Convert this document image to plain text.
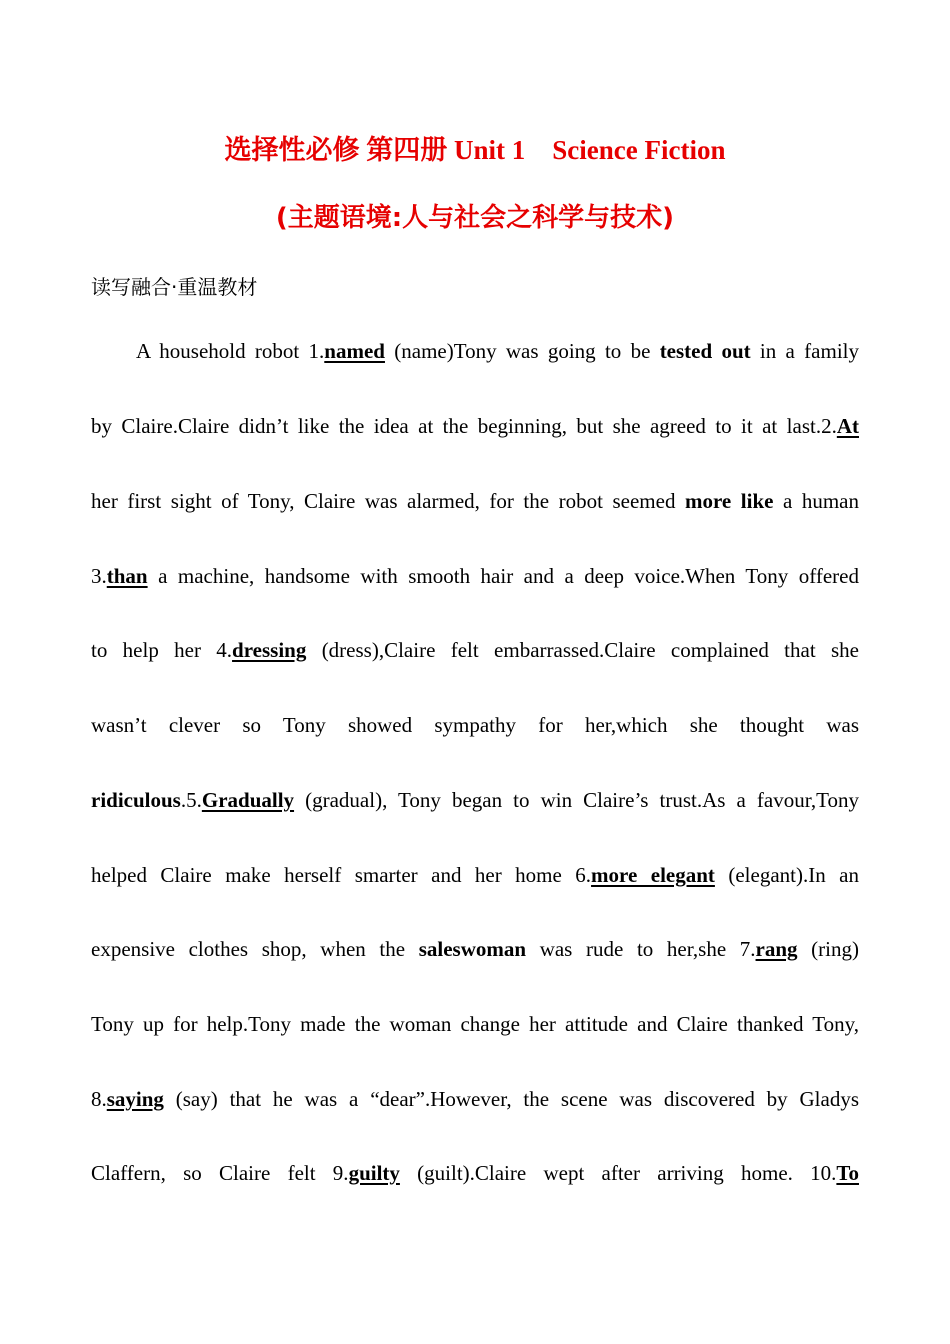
选择性必修 第四册 Unit 1　Science Fiction
(主题语境:人与社会之科学与技术)
读写融合·重温教材
A household robot 1.named (name)Tony was going to be tested out in a family
by Claire.Claire didn’t like the idea at the beginning, but she agreed to it at last.2.At
her first sight of Tony, Claire was alarmed, for the robot seemed more like a human
3.than a machine, handsome with smooth hair and a deep voice.When Tony offered
to help her 4.dressing (dress),Claire felt embarrassed.Claire complained that she
wasn’t clever so Tony showed sympathy for her,which she thought was
ridiculous.5.Gradually (gradual), Tony began to win Claire’s trust.As a favour,Tony
helped Claire make herself smarter and her home 6.more elegant (elegant).In an
expensive clothes shop, when the saleswoman was rude to her,she 7.rang (ring)
Tony up for help.Tony made the woman change her attitude and Claire thanked Tony,
8.saying (say) that he was a “dear”.However, the scene was discovered by Gladys
Claffern, so Claire felt 9.guilty (guilt).Claire wept after arriving home. 10.To
